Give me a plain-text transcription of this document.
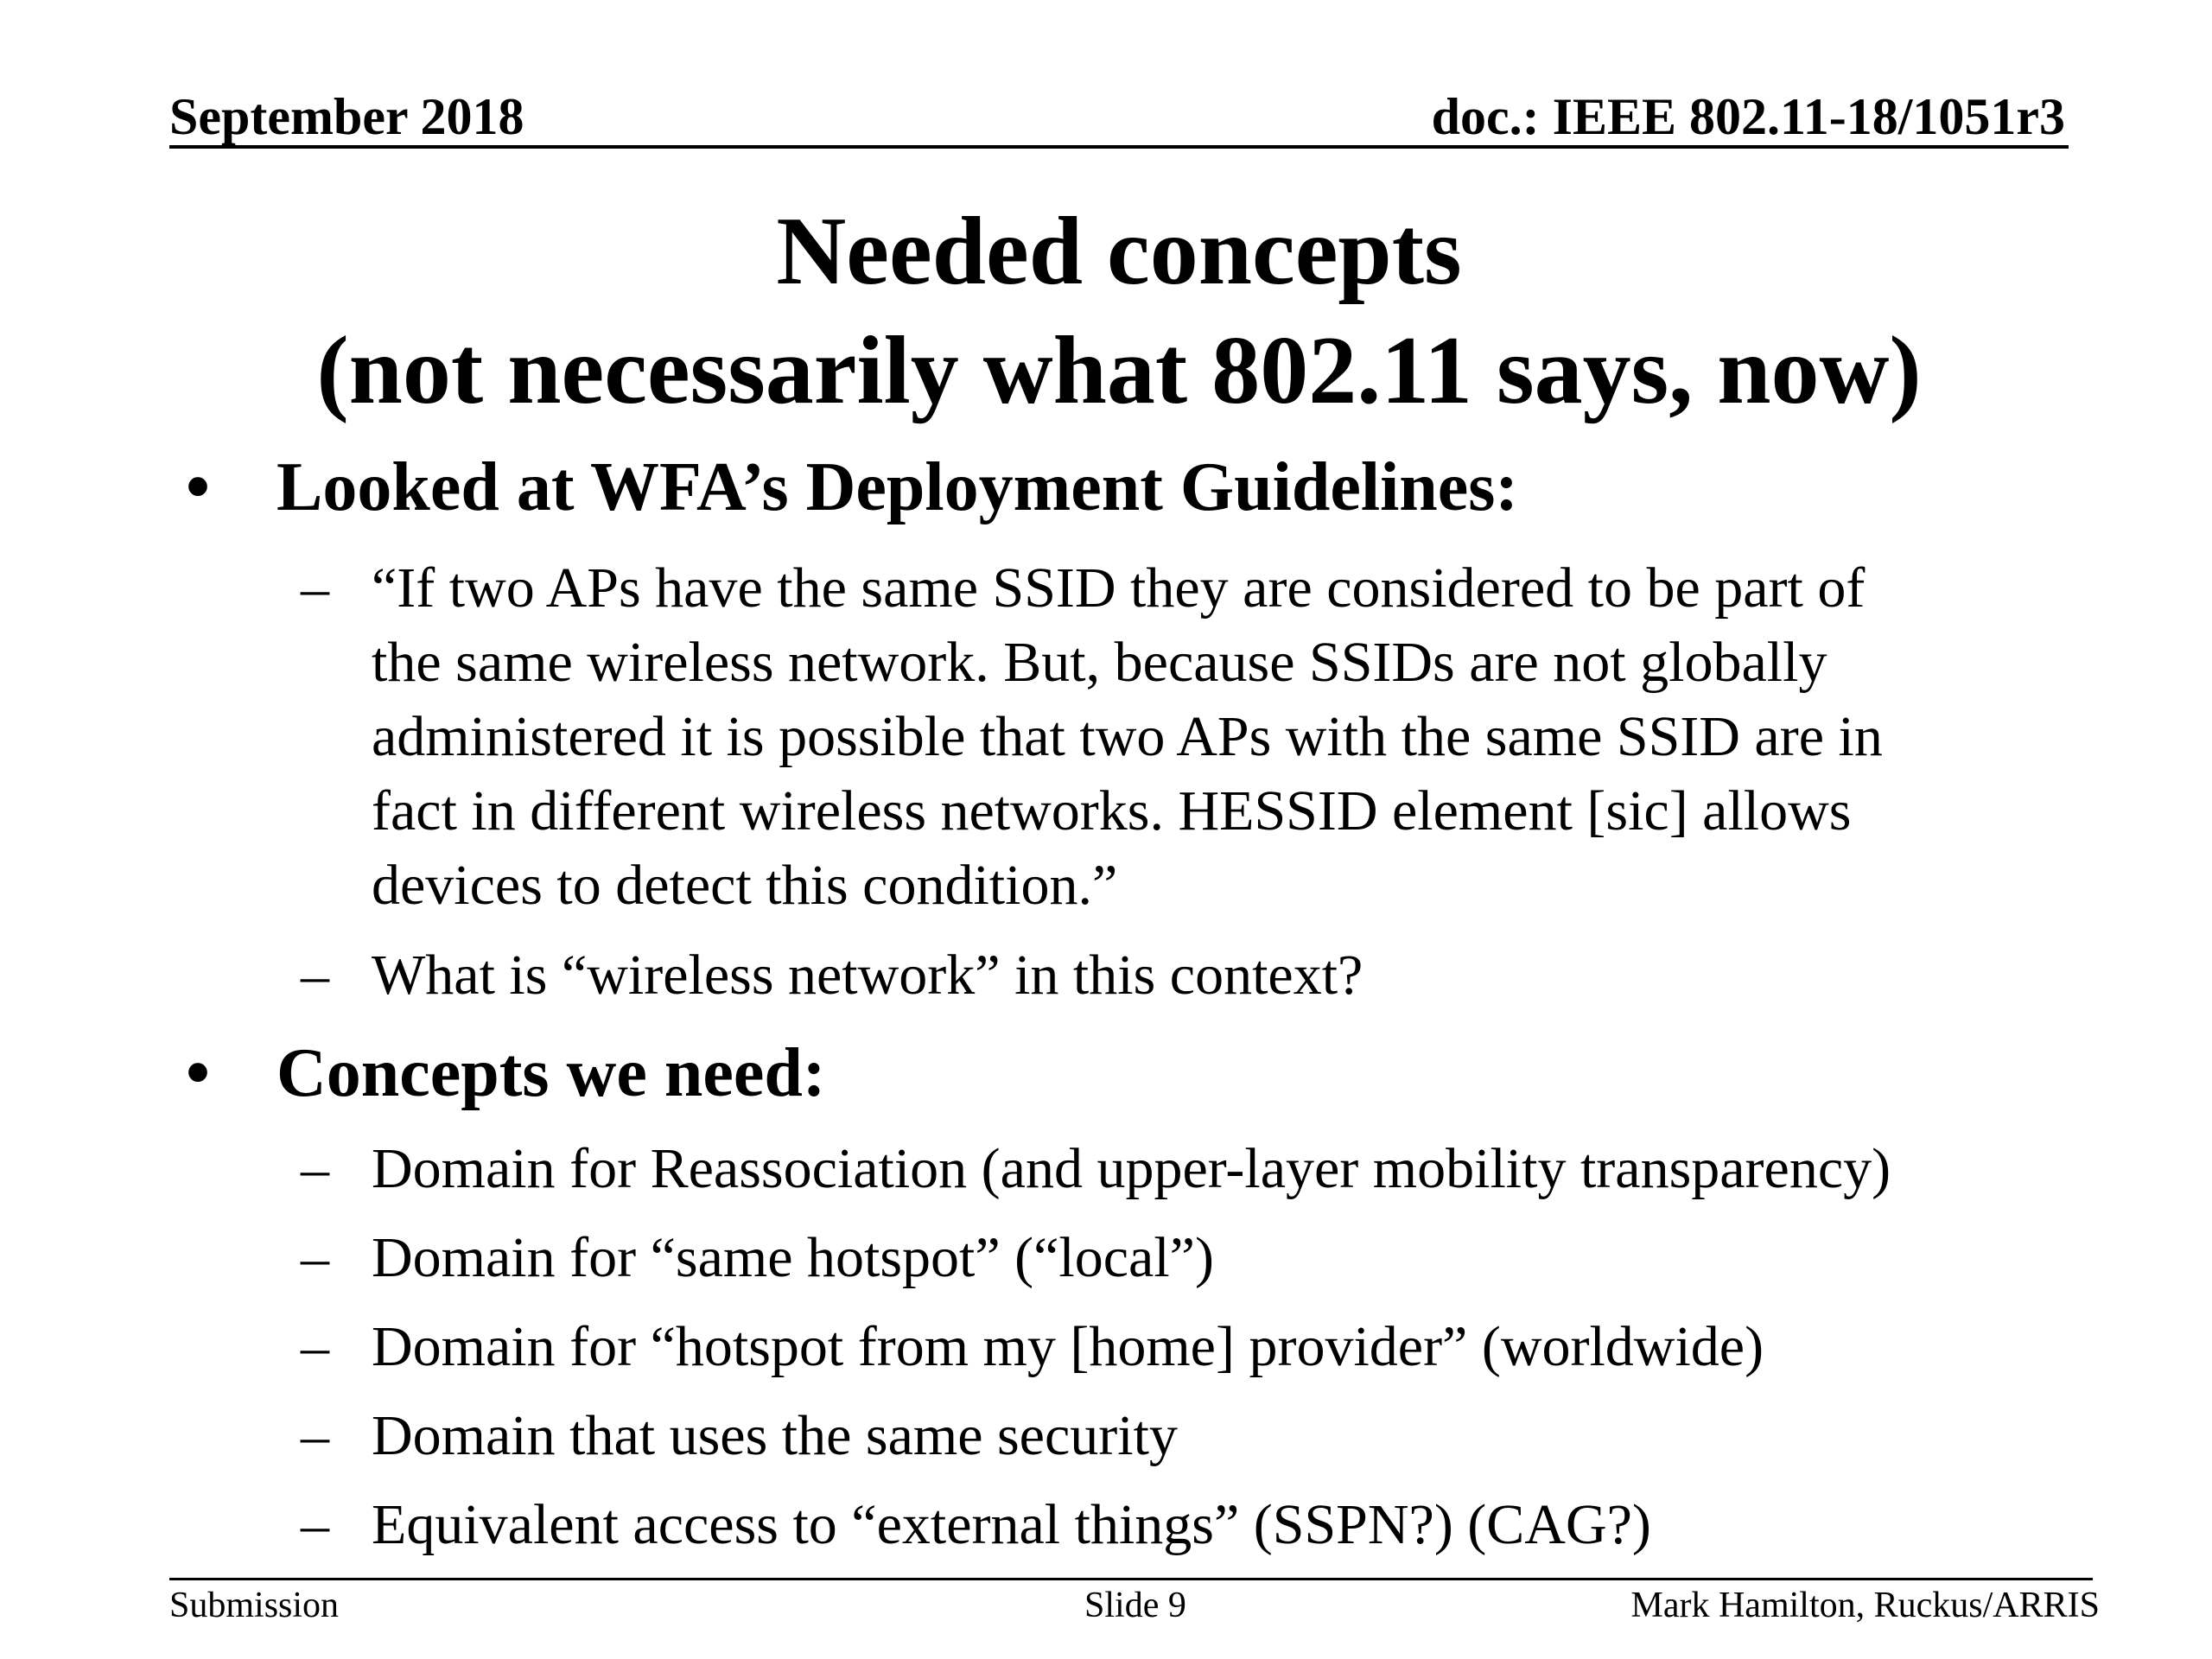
September 2018	doc.: IEEE 802.11-18/1051r3
Needed concepts
(not necessarily what 802.11 says, now)
• Looked at WFA’s Deployment Guidelines:
– “If two APs have the same SSID they are considered to be part of
the same wireless network. But, because SSIDs are not globally
administered it is possible that two APs with the same SSID are in
fact in different wireless networks. HESSID element [sic] allows
devices to detect this condition.”
– What is “wireless network” in this context?
• Concepts we need:
– Domain for Reassociation (and upper-layer mobility transparency)
– Domain for “same hotspot” (“local”)
– Domain for “hotspot from my [home] provider” (worldwide)
– Domain that uses the same security
– Equivalent access to “external things” (SSPN?) (CAG?)
Submission	Slide 9	Mark Hamilton, Ruckus/ARRIS
